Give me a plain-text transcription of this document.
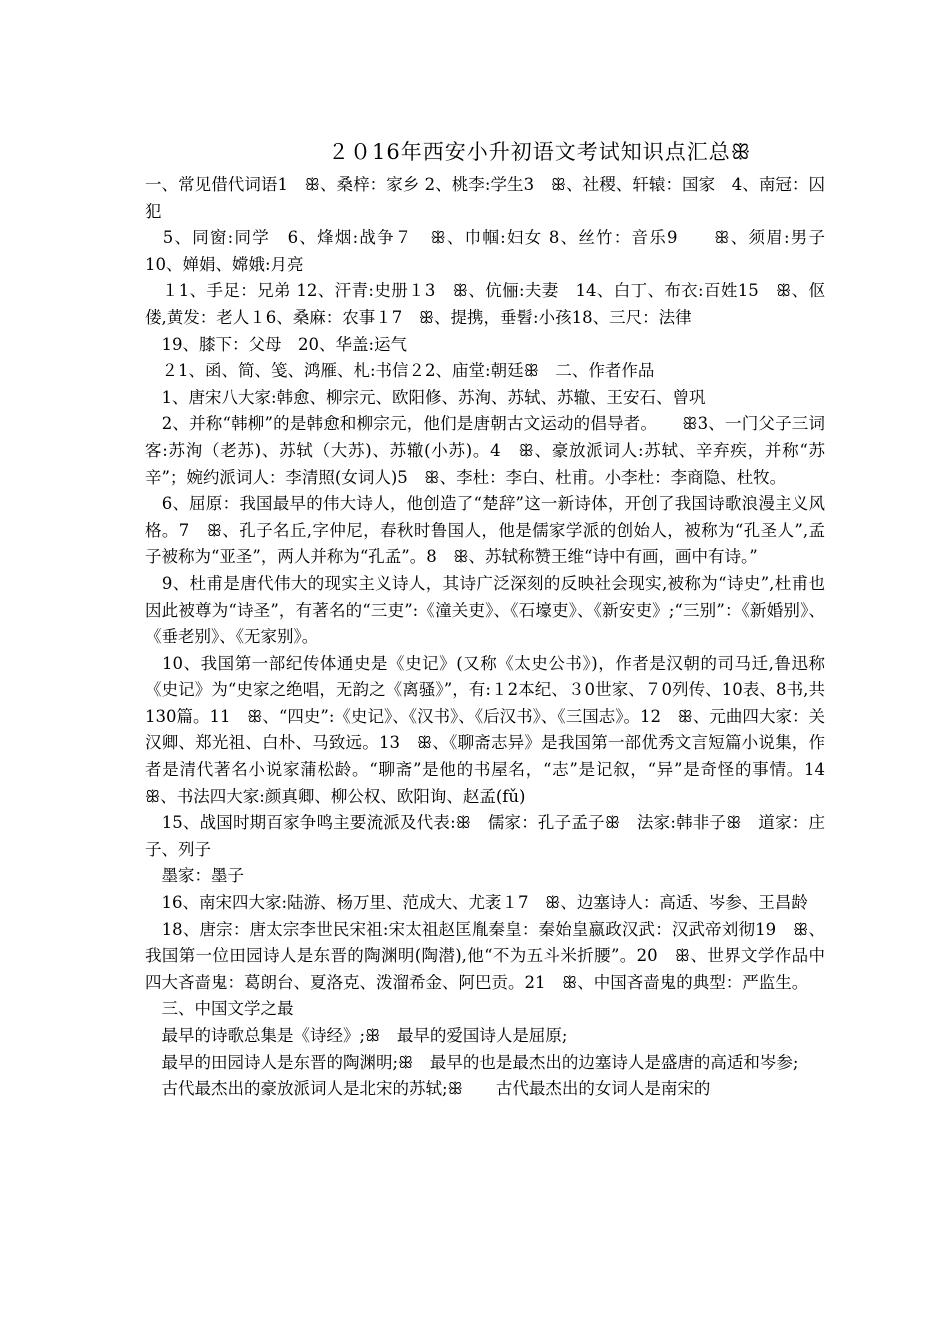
２０16年西安小升初语文考试知识点汇总ꕥ

一、常见借代词语1　ꕥ、桑梓：家乡 2、桃李:学生3　ꕥ、社稷、轩辕：国家　4、南冠：囚犯

　5、同窗:同学　6、烽烟:战争７　ꕥ、巾帼:妇女 8、丝竹：音乐9　　ꕥ、须眉:男子　10、婵娟、嫦娥:月亮

　１1、手足：兄弟 12、汗青:史册１3　ꕥ、伉俪:夫妻　14、白丁、布衣:百姓15　ꕥ、伛偻,黄发：老人１6、桑麻：农事１7　ꕥ、提携，垂髫:小孩18、三尺：法律

　19、膝下：父母　20、华盖:运气

　２1、函、简、笺、鸿雁、札:书信２2、庙堂:朝廷ꕥ　二、作者作品

　1、唐宋八大家:韩愈、柳宗元、欧阳修、苏洵、苏轼、苏辙、王安石、曾巩

　2、并称“韩柳”的是韩愈和柳宗元，他们是唐朝古文运动的倡导者。　　ꕥ3、一门父子三词客:苏洵（老苏)、苏轼（大苏)、苏辙(小苏)。4　ꕥ、豪放派词人:苏轼、辛弃疾，并称“苏辛”；婉约派词人：李清照(女词人)5　ꕥ、李杜：李白、杜甫。小李杜：李商隐、杜牧。

　6、屈原：我国最早的伟大诗人，他创造了“楚辞”这一新诗体，开创了我国诗歌浪漫主义风格。7　ꕥ、孔子名丘,字仲尼，春秋时鲁国人，他是儒家学派的创始人，被称为“孔圣人”,孟子被称为“亚圣”，两人并称为“孔孟”。8　ꕥ、苏轼称赞王维“诗中有画，画中有诗。”

　9、杜甫是唐代伟大的现实主义诗人，其诗广泛深刻的反映社会现实,被称为“诗史”,杜甫也因此被尊为“诗圣”，有著名的“三吏”:《潼关吏》、《石壕吏》、《新安吏》;“三别”：《新婚别》、《垂老别》、《无家别》。

　10、我国第一部纪传体通史是《史记》(又称《太史公书》)，作者是汉朝的司马迁,鲁迅称《史记》为“史家之绝唱，无韵之《离骚》”，有:１2本纪、３0世家、７0列传、10表、8书,共130篇。11　ꕥ、“四史”:《史记》、《汉书》、《后汉书》、《三国志》。12　ꕥ、元曲四大家：关汉卿、郑光祖、白朴、马致远。13　ꕥ、《聊斋志异》是我国第一部优秀文言短篇小说集，作者是清代著名小说家蒲松龄。“聊斋”是他的书屋名，“志”是记叙，“异”是奇怪的事情。14　ꕥ、书法四大家:颜真卿、柳公权、欧阳询、赵孟(fǔ)

　15、战国时期百家争鸣主要流派及代表:ꕥ　儒家：孔子孟子ꕥ　法家:韩非子ꕥ　道家：庄子、列子

　墨家：墨子

　16、南宋四大家:陆游、杨万里、范成大、尤袤１7　ꕥ、边塞诗人：高适、岑参、王昌龄

　18、唐宗：唐太宗李世民宋祖:宋太祖赵匡胤秦皇：秦始皇嬴政汉武：汉武帝刘彻19　ꕥ、我国第一位田园诗人是东晋的陶渊明(陶潜),他“不为五斗米折腰”。20　ꕥ、世界文学作品中四大吝啬鬼：葛朗台、夏洛克、泼溜希金、阿巴贡。21　ꕥ、中国吝啬鬼的典型：严监生。

　三、中国文学之最

　最早的诗歌总集是《诗经》;ꕥ　最早的爱国诗人是屈原;

　最早的田园诗人是东晋的陶渊明;ꕥ　最早的也是最杰出的边塞诗人是盛唐的高适和岑参;

　古代最杰出的豪放派词人是北宋的苏轼;ꕥ　　古代最杰出的女词人是南宋的
